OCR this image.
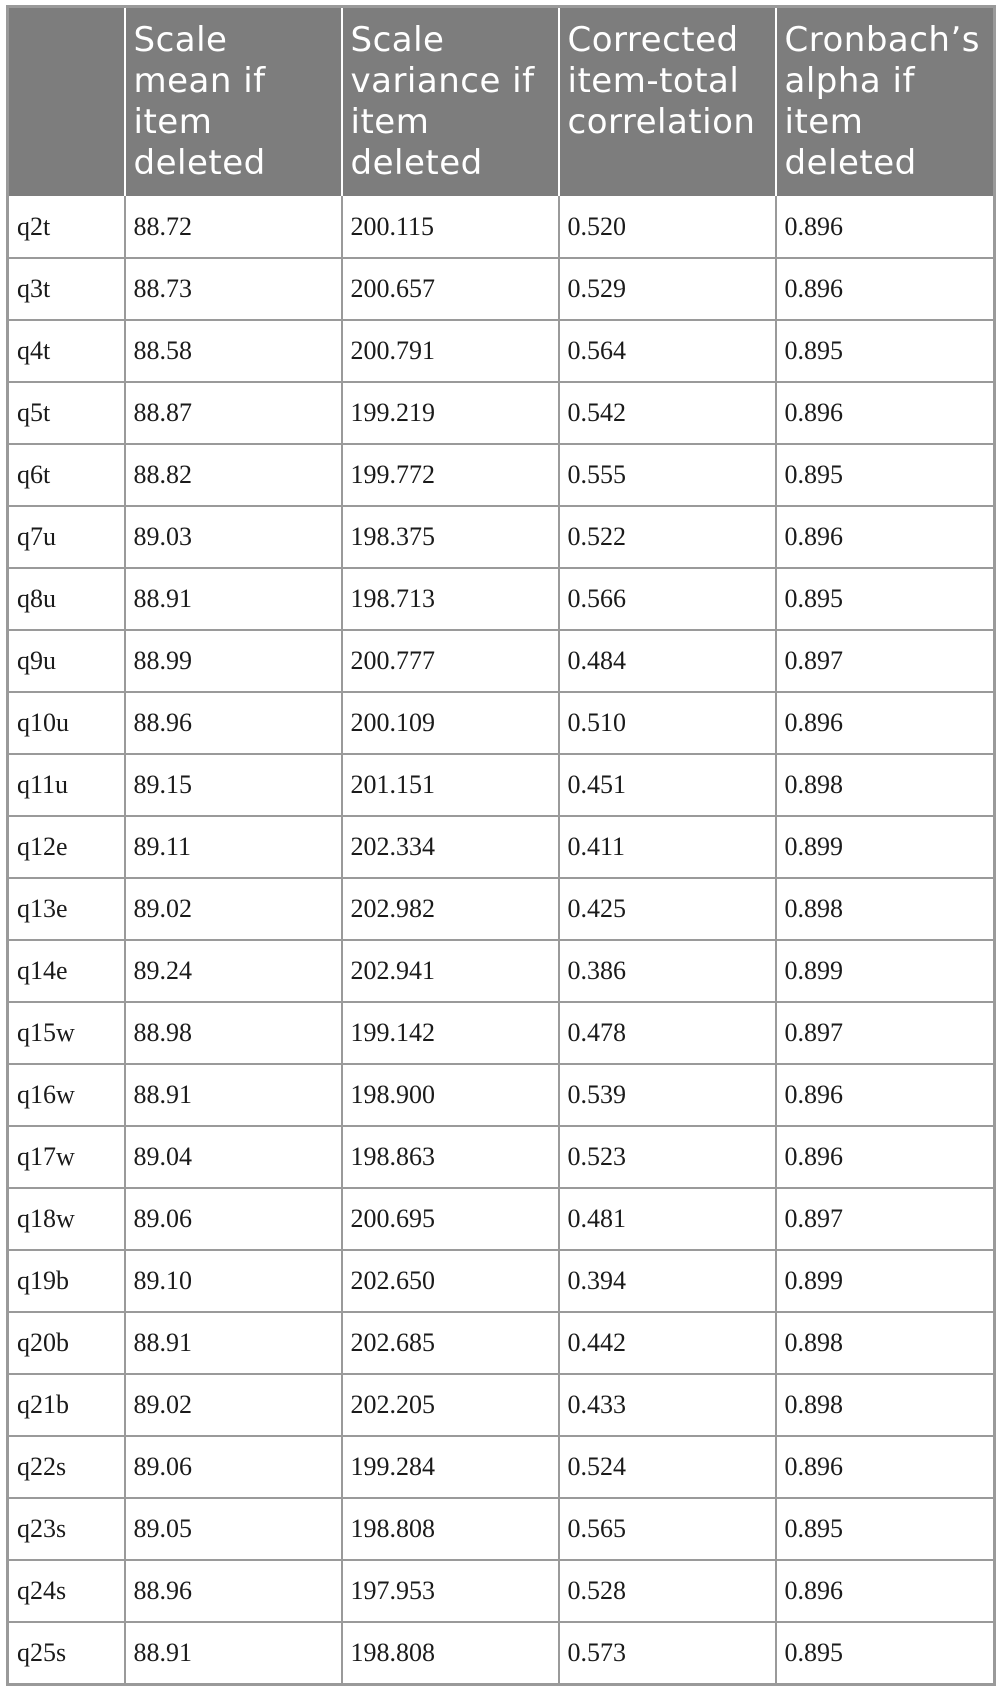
	Scale mean if item deleted	Scale variance if item deleted	Corrected item-total correlation	Cronbach’s alpha if item deleted
q2t	88.72	200.115	0.520	0.896
q3t	88.73	200.657	0.529	0.896
q4t	88.58	200.791	0.564	0.895
q5t	88.87	199.219	0.542	0.896
q6t	88.82	199.772	0.555	0.895
q7u	89.03	198.375	0.522	0.896
q8u	88.91	198.713	0.566	0.895
q9u	88.99	200.777	0.484	0.897
q10u	88.96	200.109	0.510	0.896
q11u	89.15	201.151	0.451	0.898
q12e	89.11	202.334	0.411	0.899
q13e	89.02	202.982	0.425	0.898
q14e	89.24	202.941	0.386	0.899
q15w	88.98	199.142	0.478	0.897
q16w	88.91	198.900	0.539	0.896
q17w	89.04	198.863	0.523	0.896
q18w	89.06	200.695	0.481	0.897
q19b	89.10	202.650	0.394	0.899
q20b	88.91	202.685	0.442	0.898
q21b	89.02	202.205	0.433	0.898
q22s	89.06	199.284	0.524	0.896
q23s	89.05	198.808	0.565	0.895
q24s	88.96	197.953	0.528	0.896
q25s	88.91	198.808	0.573	0.895
